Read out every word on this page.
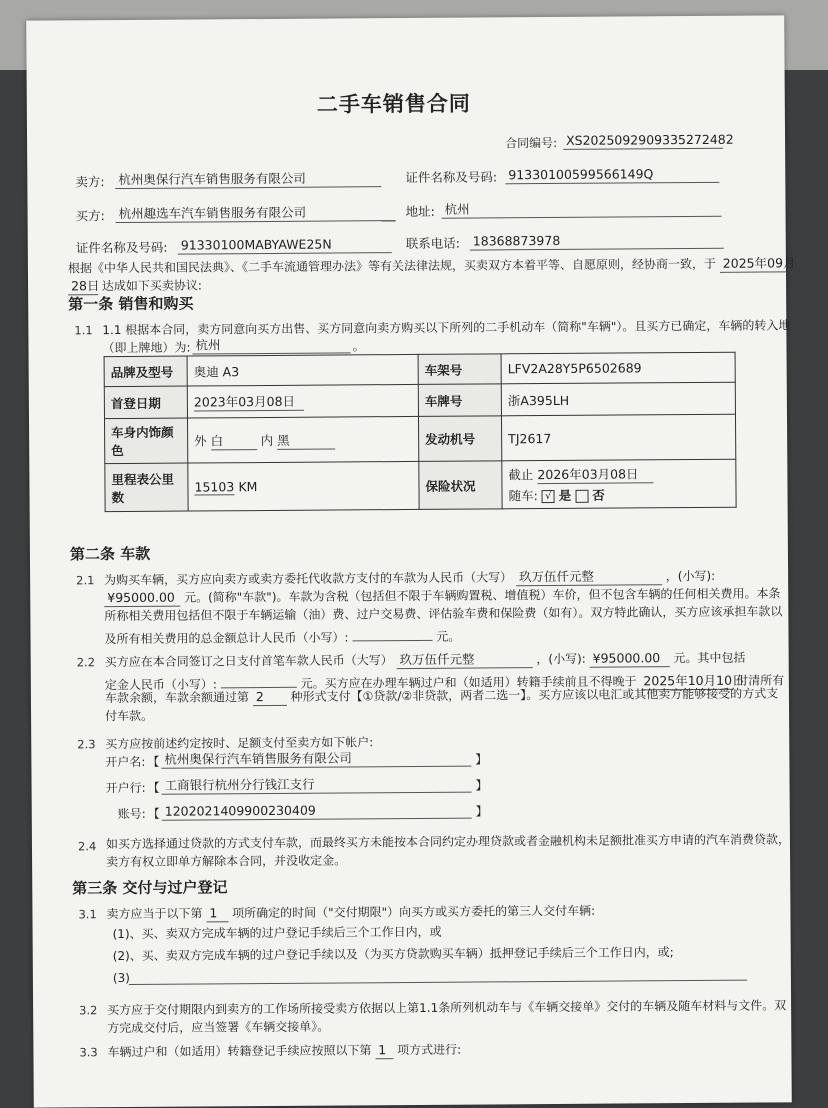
二手车销售合同
合同编号: XS2025092909335272482
卖方: 杭州奥保行汽车销售服务有限公司	证件名称及号码: 91330100599566149Q
买方: 杭州趣选车汽车销售服务有限公司	地址: 杭州
证件名称及号码: 91330100MABYAWE25N	联系电话: 18368873978
根据《中华人民共和国民法典》、《二手车流通管理办法》等有关法律法规，买卖双方本着平等、自愿原则，经协商一致，于 2025年09月
28日 达成如下买卖协议:
第一条 销售和购买
1.1 1.1 根据本合同，卖方同意向买方出售、买方同意向卖方购买以下所列的二手机动车（简称"车辆"）。且买方已确定，车辆的转入地
（即上牌地）为: 杭州	。
品牌及型号	奥迪 A3	车架号	LFV2A28Y5P6502689
首登日期	2023年03月08日	车牌号	浙A395LH
车身内饰颜色	外 白 内 黑	发动机号	TJ2617
里程表公里数	15103 KM	保险状况	截止 2026年03月08日
随车: √ 是 否
第二条 车款
2.1 为购买车辆，买方应向卖方或卖方委托代收款方支付的车款为人民币（大写） 玖万伍仟元整	，(小写):
¥95000.00 元。(简称"车款")。车款为含税（包括但不限于车辆购置税、增值税）车价，但不包含车辆的任何相关费用。本条
所称相关费用包括但不限于车辆运输（油）费、过户交易费、评估验车费和保险费（如有）。双方特此确认，买方应该承担车款以
及所有相关费用的总金额总计人民币（小写）:	元。
2.2 买方应在本合同签订之日支付首笔车款人民币（大写） 玖万伍仟元整	，(小写): ¥95000.00 元。其中包括
定金人民币（小写）:	元。买方应在办理车辆过户和（如适用）转籍手续前且不得晚于 2025年10月10日 付清所有
车款余额，车款余额通过第 2 种形式支付【①贷款/②非贷款，两者二选一】。买方应该以电汇或其他卖方能够接受的方式支
付车款。
2.3 买方应按前述约定按时、足额支付至卖方如下帐户:
开户名: 【 杭州奥保行汽车销售服务有限公司	】
开户行: 【 工商银行杭州分行钱江支行	】
账号: 【 1202021409900230409	】
2.4 如买方选择通过贷款的方式支付车款，而最终买方未能按本合同约定办理贷款或者金融机构未足额批准买方申请的汽车消费贷款，
卖方有权立即单方解除本合同，并没收定金。
第三条 交付与过户登记
3.1 卖方应当于以下第 1 项所确定的时间（"交付期限"）向买方或买方委托的第三人交付车辆:
(1)、买、卖双方完成车辆的过户登记手续后三个工作日内，或
(2)、买、卖双方完成车辆的过户登记手续以及（为买方贷款购买车辆）抵押登记手续后三个工作日内，或;
(3)
3.2 买方应于交付期限内到卖方的工作场所接受卖方依据以上第1.1条所列机动车与《车辆交接单》交付的车辆及随车材料与文件。双
方完成交付后，应当签署《车辆交接单》。
3.3 车辆过户和（如适用）转籍登记手续应按照以下第 1 项方式进行:
